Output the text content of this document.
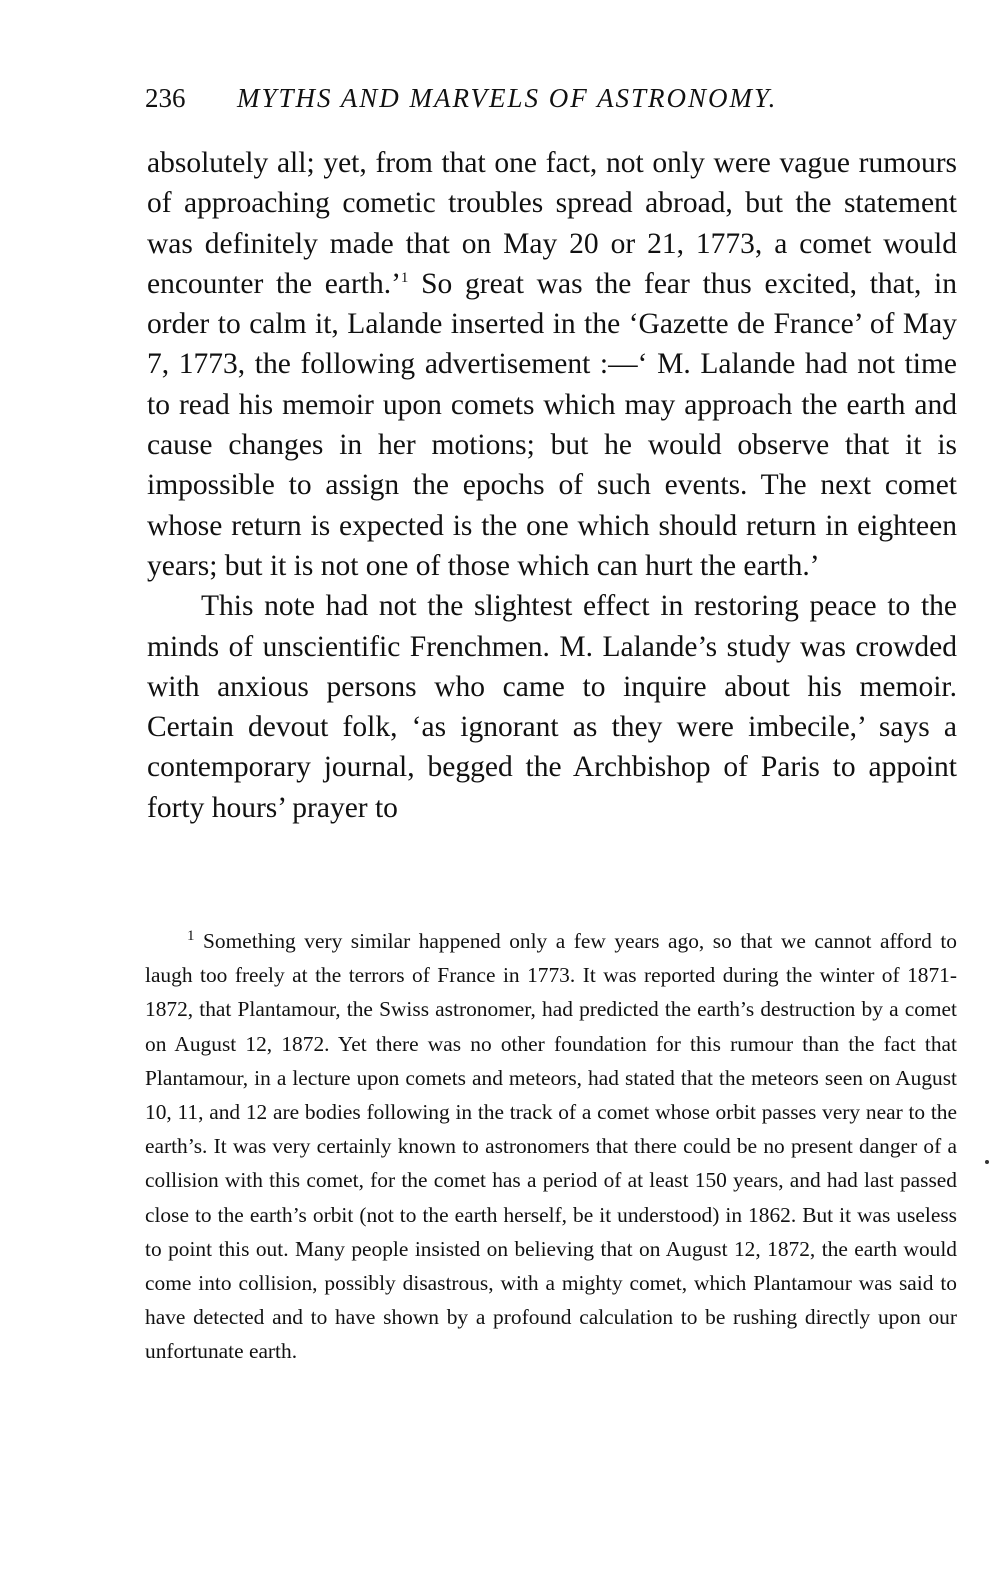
236 MYTHS AND MARVELS OF ASTRONOMY.

absolutely all; yet, from that one fact, not only were vague rumours of approaching cometic troubles spread abroad, but the statement was definitely made that on May 20 or 21, 1773, a comet would encounter the earth.’$^1$ So great was the fear thus excited, that, in order to calm it, Lalande inserted in the ‘Gazette de France’ of May 7, 1773, the following advertisement :—‘ M. Lalande had not time to read his memoir upon comets which may approach the earth and cause changes in her motions; but he would observe that it is impossible to assign the epochs of such events. The next comet whose return is expected is the one which should return in eighteen years; but it is not one of those which can hurt the earth.’

This note had not the slightest effect in restoring peace to the minds of unscientific Frenchmen. M. Lalande’s study was crowded with anxious persons who came to inquire about his memoir. Certain devout folk, ‘as ignorant as they were imbecile,’ says a contemporary journal, begged the Archbishop of Paris to appoint forty hours’ prayer to

$^1$ Something very similar happened only a few years ago, so that we cannot afford to laugh too freely at the terrors of France in 1773. It was reported during the winter of 1871-1872, that Plantamour, the Swiss astronomer, had predicted the earth’s destruction by a comet on August 12, 1872. Yet there was no other foundation for this rumour than the fact that Plantamour, in a lecture upon comets and meteors, had stated that the meteors seen on August 10, 11, and 12 are bodies following in the track of a comet whose orbit passes very near to the earth’s. It was very certainly known to astronomers that there could be no present danger of a collision with this comet, for the comet has a period of at least 150 years, and had last passed close to the earth’s orbit (not to the earth herself, be it understood) in 1862. But it was useless to point this out. Many people insisted on believing that on August 12, 1872, the earth would come into collision, possibly disastrous, with a mighty comet, which Plantamour was said to have detected and to have shown by a profound calculation to be rushing directly upon our unfortunate earth.
